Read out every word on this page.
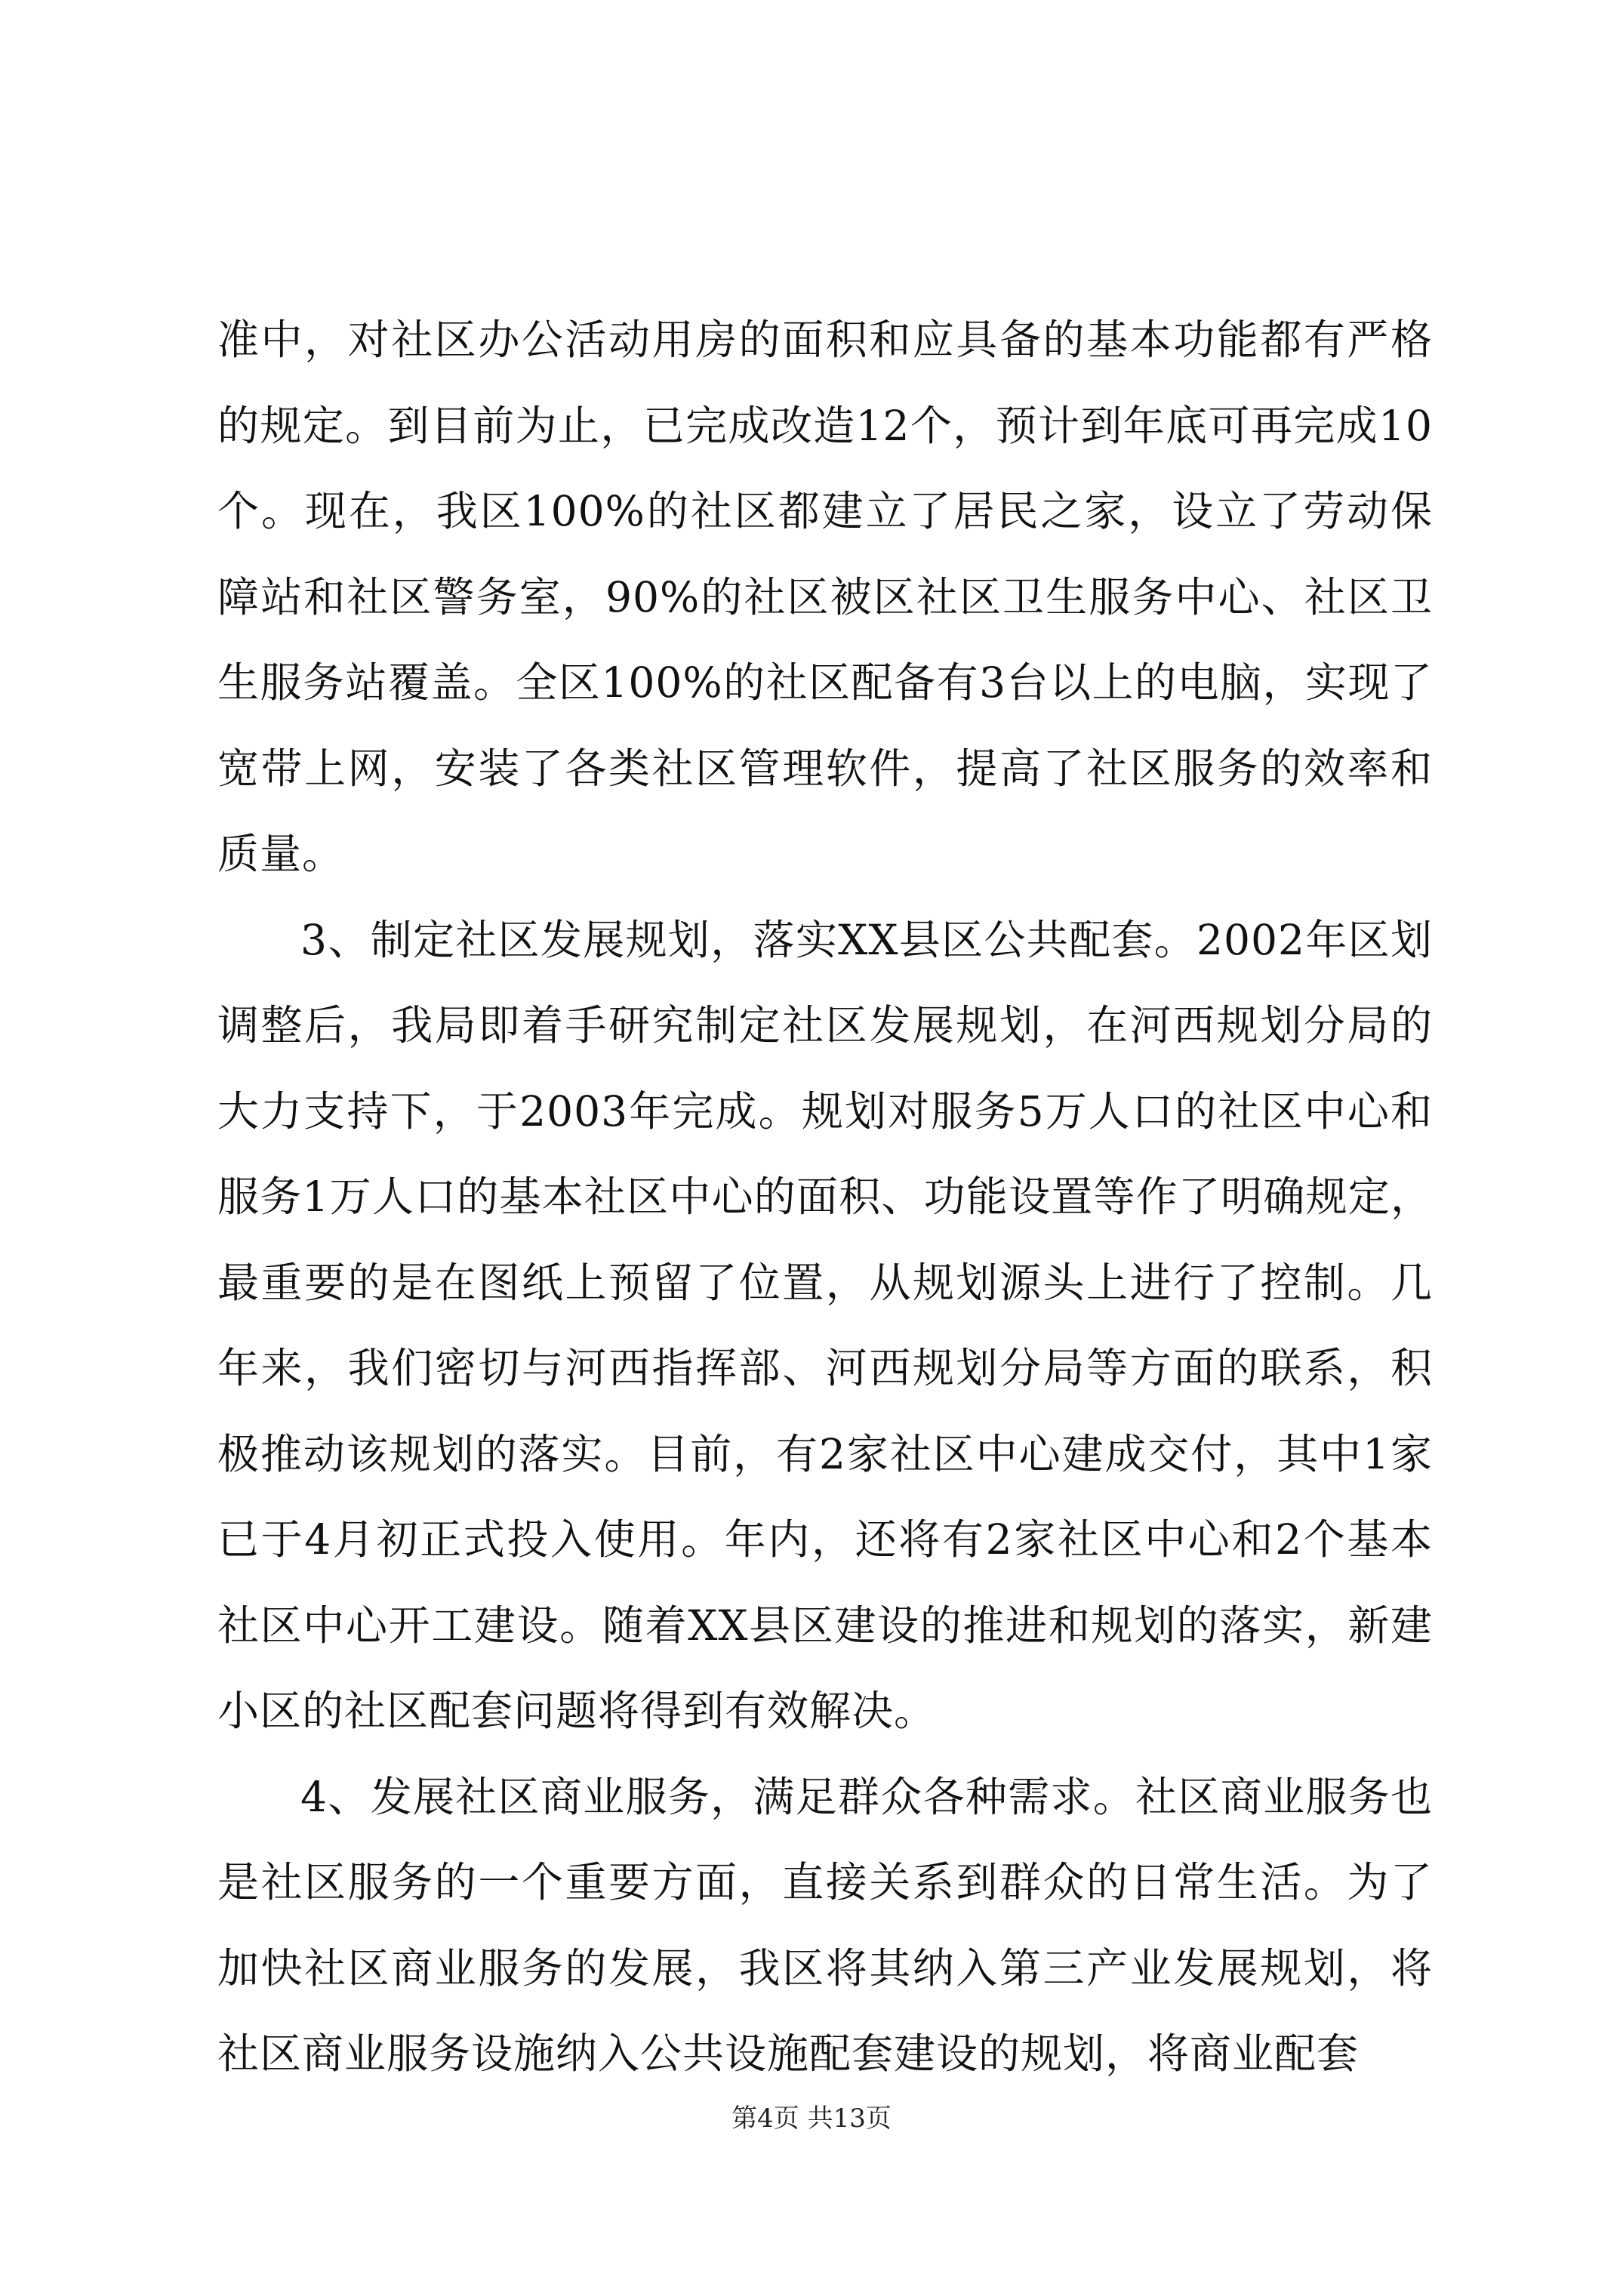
准中，对社区办公活动用房的面积和应具备的基本功能都有严格的规定。到目前为止，已完成改造12个，预计到年底可再完成10个。现在，我区100%的社区都建立了居民之家，设立了劳动保障站和社区警务室，90%的社区被区社区卫生服务中心、社区卫生服务站覆盖。全区100%的社区配备有3台以上的电脑，实现了宽带上网，安装了各类社区管理软件，提高了社区服务的效率和质量。

3、制定社区发展规划，落实XX县区公共配套。2002年区划调整后，我局即着手研究制定社区发展规划，在河西规划分局的大力支持下，于2003年完成。规划对服务5万人口的社区中心和服务1万人口的基本社区中心的面积、功能设置等作了明确规定，最重要的是在图纸上预留了位置，从规划源头上进行了控制。几年来，我们密切与河西指挥部、河西规划分局等方面的联系，积极推动该规划的落实。目前，有2家社区中心建成交付，其中1家已于4月初正式投入使用。年内，还将有2家社区中心和2个基本社区中心开工建设。随着XX县区建设的推进和规划的落实，新建小区的社区配套问题将得到有效解决。

4、发展社区商业服务，满足群众各种需求。社区商业服务也是社区服务的一个重要方面，直接关系到群众的日常生活。为了加快社区商业服务的发展，我区将其纳入第三产业发展规划，将社区商业服务设施纳入公共设施配套建设的规划，将商业配套

第4页 共13页
